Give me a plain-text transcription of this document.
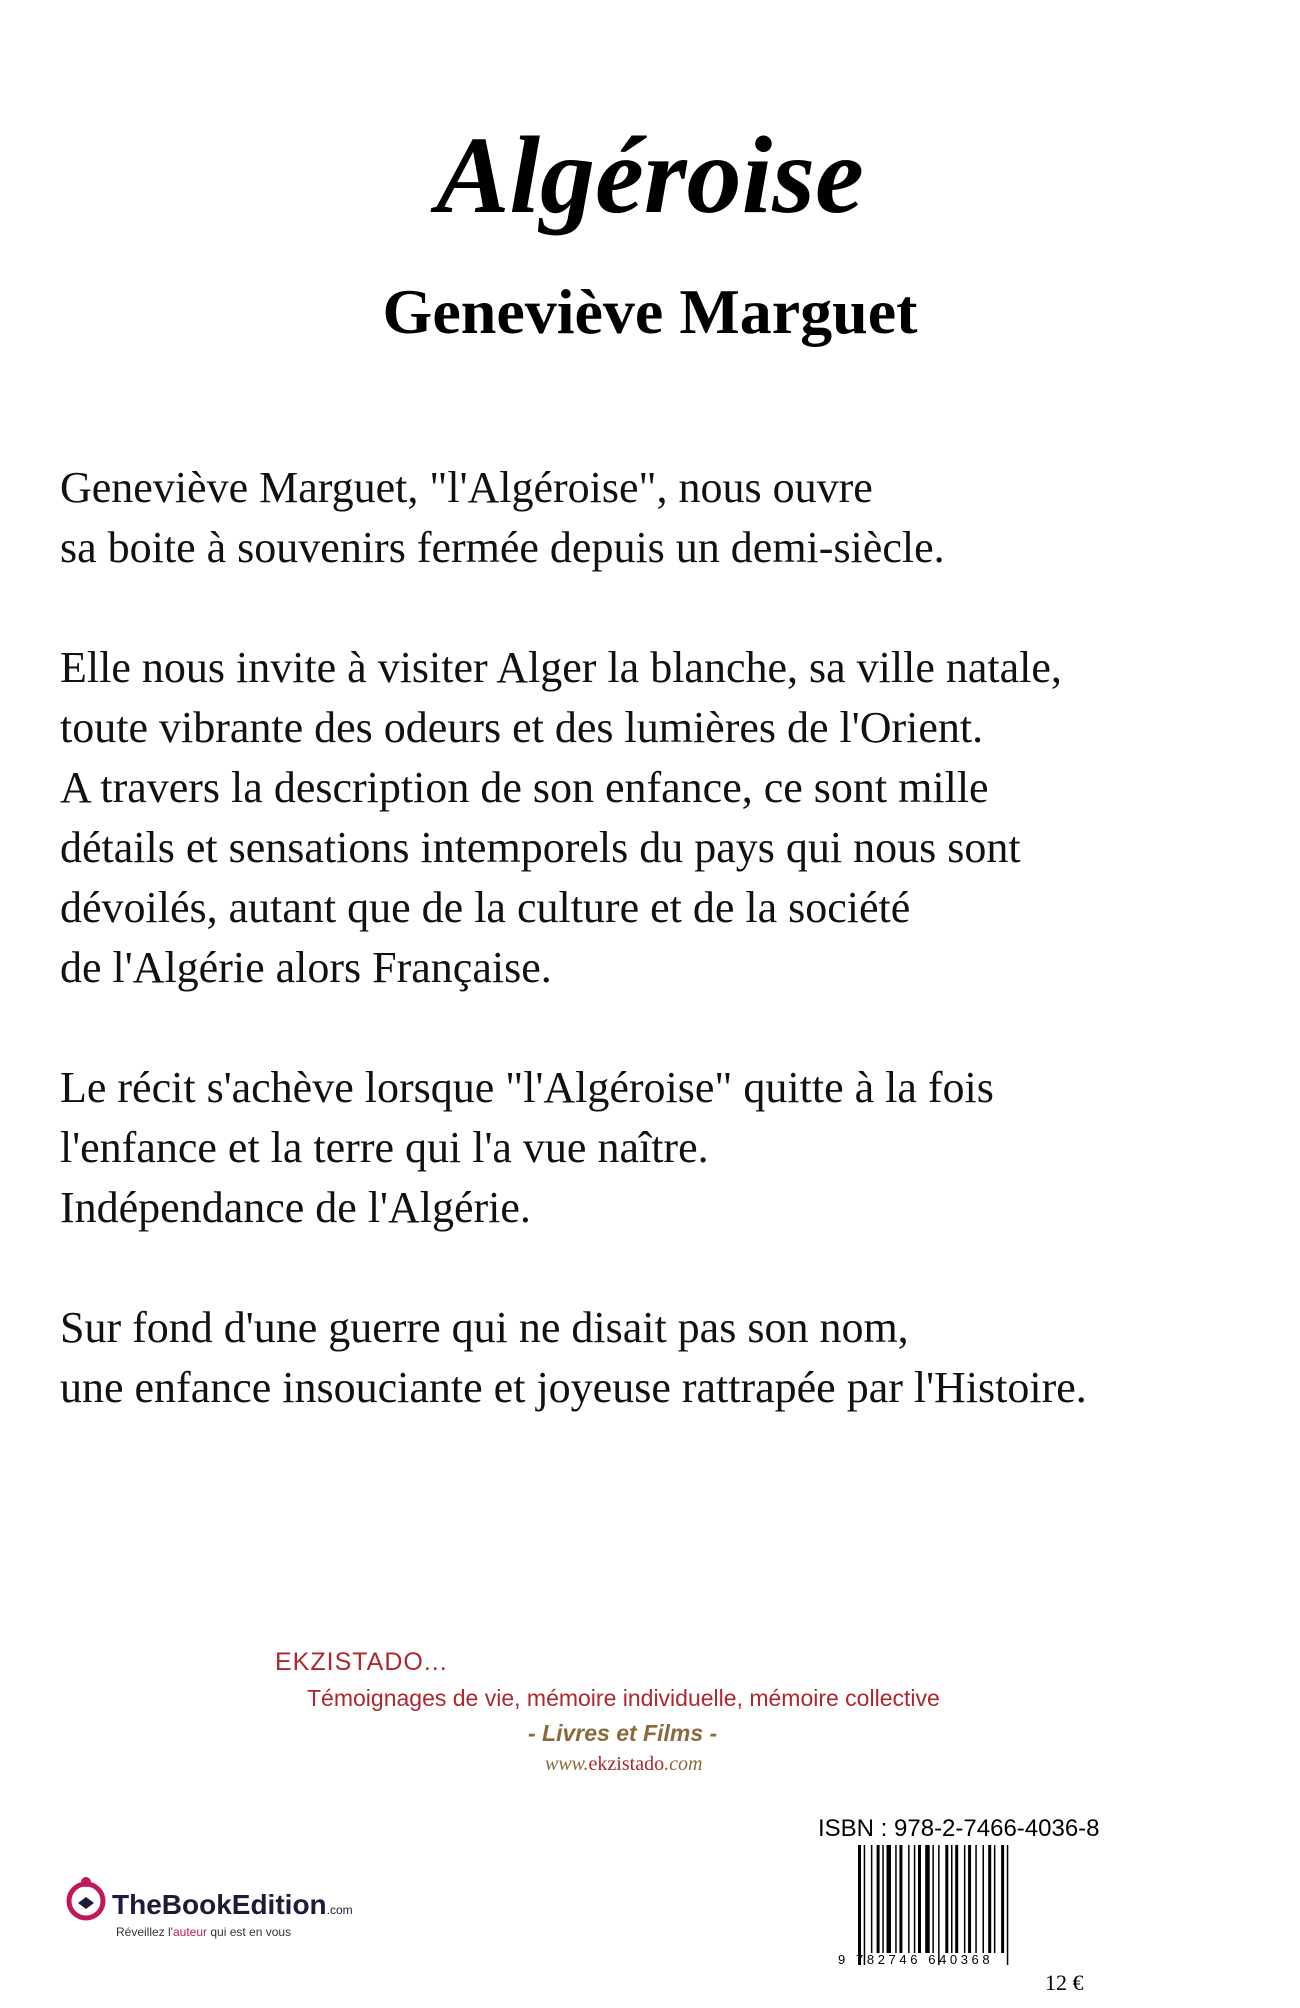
Algéroise
Geneviève Marguet
Geneviève Marguet, "l'Algéroise", nous ouvre
sa boite à souvenirs fermée depuis un demi-siècle.
Elle nous invite à visiter Alger la blanche, sa ville natale,
toute vibrante des odeurs et des lumières de l'Orient.
A travers la description de son enfance, ce sont mille
détails et sensations intemporels du pays qui nous sont
dévoilés, autant que de la culture et de la société
de l'Algérie alors Française.
Le récit s'achève lorsque "l'Algéroise" quitte à la fois
l'enfance et la terre qui l'a vue naître.
Indépendance de l'Algérie.
Sur fond d'une guerre qui ne disait pas son nom,
une enfance insouciante et joyeuse rattrapée par l'Histoire.
EKZISTADO...
Témoignages de vie, mémoire individuelle, mémoire collective
- Livres et Films -
www.ekzistado.com
ISBN : 978-2-7466-4036-8
9 782746 640368
12 €
TheBookEdition.com
Réveillez l'auteur qui est en vous
